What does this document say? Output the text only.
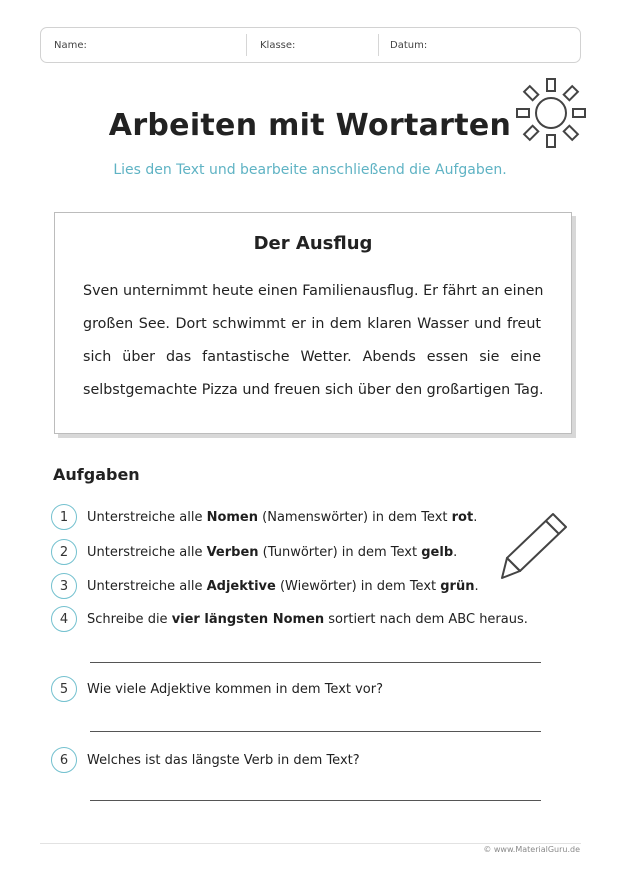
Name:	Klasse:	Datum:
Arbeiten mit Wortarten
Lies den Text und bearbeite anschließend die Aufgaben.
Der Ausflug
Sven unternimmt heute einen Familienausflug. Er fährt an einen
großen See. Dort schwimmt er in dem klaren Wasser und freut
sich über das fantastische Wetter. Abends essen sie eine
selbstgemachte Pizza und freuen sich über den großartigen Tag.
Aufgaben
1	Unterstreiche alle Nomen (Namenswörter) in dem Text rot.
2	Unterstreiche alle Verben (Tunwörter) in dem Text gelb.
3	Unterstreiche alle Adjektive (Wiewörter) in dem Text grün.
4	Schreibe die vier längsten Nomen sortiert nach dem ABC heraus.
5	Wie viele Adjektive kommen in dem Text vor?
6	Welches ist das längste Verb in dem Text?
© www.MaterialGuru.de
